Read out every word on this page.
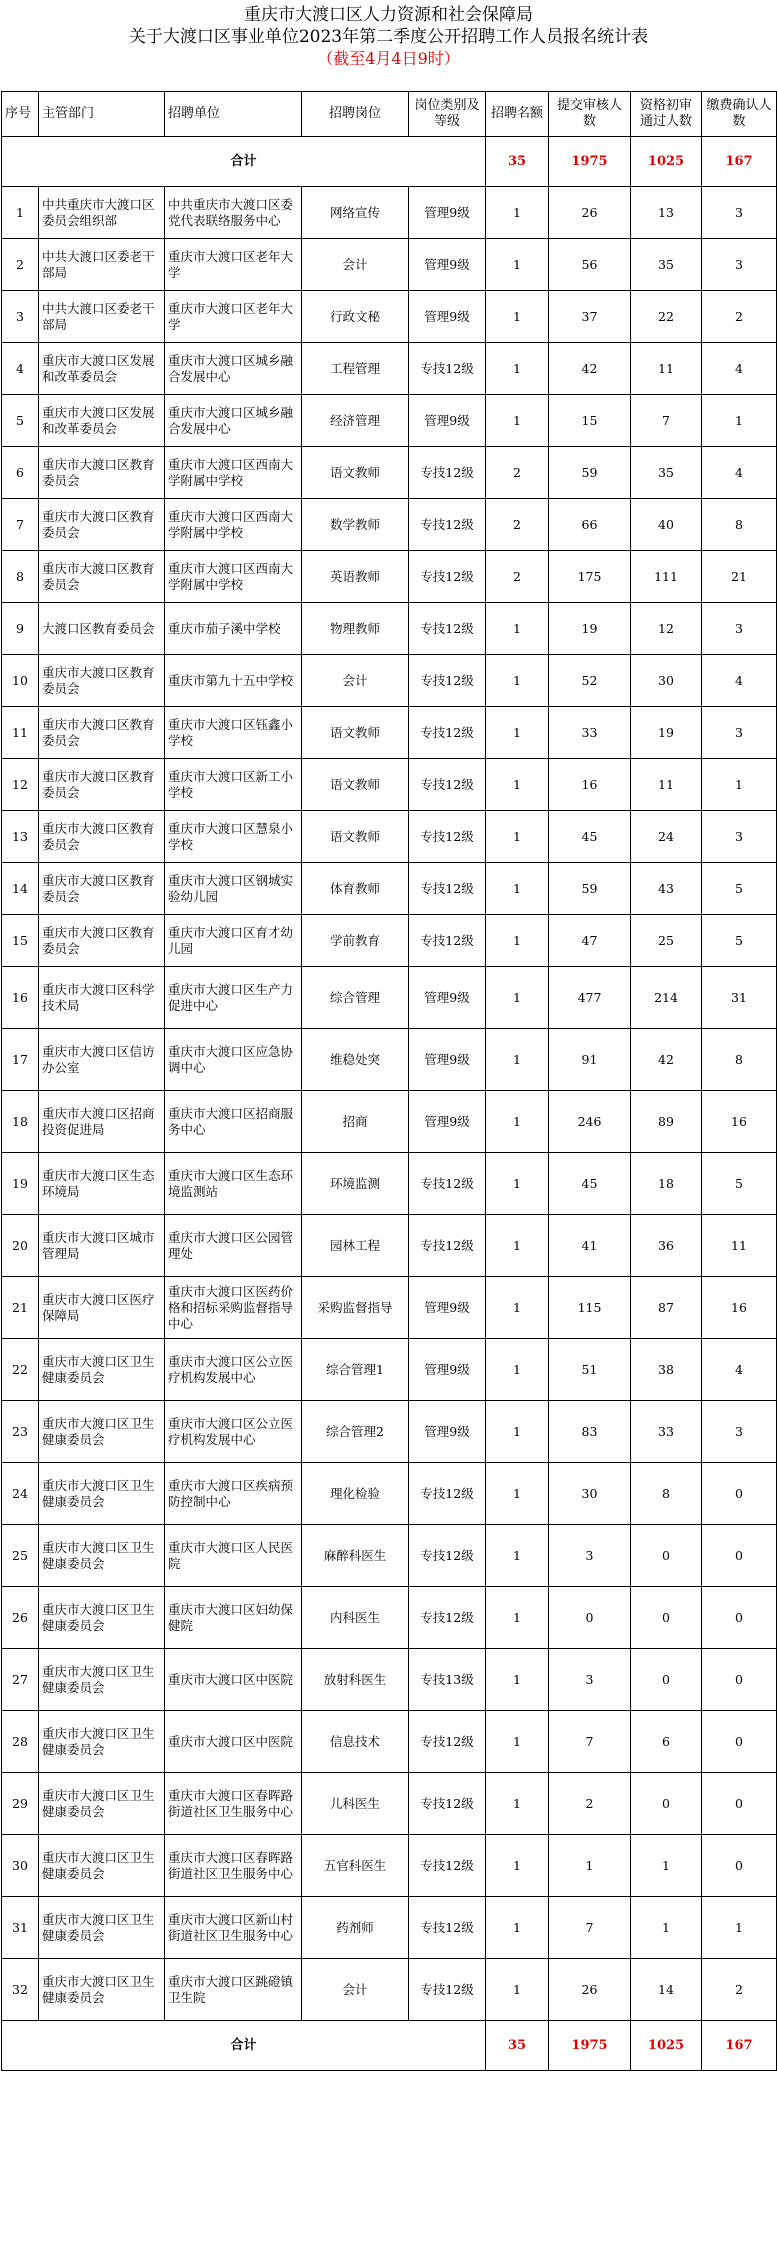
重庆市大渡口区人力资源和社会保障局
关于大渡口区事业单位2023年第二季度公开招聘工作人员报名统计表
（截至4月4日9时）
序号	主管部门	招聘单位	招聘岗位	岗位类别及等级	招聘名额	提交审核人数	资格初审通过人数	缴费确认人数
合计					35	1975	1025	167
1	中共重庆市大渡口区委员会组织部	中共重庆市大渡口区委党代表联络服务中心	网络宣传	管理9级	1	26	13	3
2	中共大渡口区委老干部局	重庆市大渡口区老年大学	会计	管理9级	1	56	35	3
3	中共大渡口区委老干部局	重庆市大渡口区老年大学	行政文秘	管理9级	1	37	22	2
4	重庆市大渡口区发展和改革委员会	重庆市大渡口区城乡融合发展中心	工程管理	专技12级	1	42	11	4
5	重庆市大渡口区发展和改革委员会	重庆市大渡口区城乡融合发展中心	经济管理	管理9级	1	15	7	1
6	重庆市大渡口区教育委员会	重庆市大渡口区西南大学附属中学校	语文教师	专技12级	2	59	35	4
7	重庆市大渡口区教育委员会	重庆市大渡口区西南大学附属中学校	数学教师	专技12级	2	66	40	8
8	重庆市大渡口区教育委员会	重庆市大渡口区西南大学附属中学校	英语教师	专技12级	2	175	111	21
9	大渡口区教育委员会	重庆市茄子溪中学校	物理教师	专技12级	1	19	12	3
10	重庆市大渡口区教育委员会	重庆市第九十五中学校	会计	专技12级	1	52	30	4
11	重庆市大渡口区教育委员会	重庆市大渡口区钰鑫小学校	语文教师	专技12级	1	33	19	3
12	重庆市大渡口区教育委员会	重庆市大渡口区新工小学校	语文教师	专技12级	1	16	11	1
13	重庆市大渡口区教育委员会	重庆市大渡口区慧泉小学校	语文教师	专技12级	1	45	24	3
14	重庆市大渡口区教育委员会	重庆市大渡口区钢城实验幼儿园	体育教师	专技12级	1	59	43	5
15	重庆市大渡口区教育委员会	重庆市大渡口区育才幼儿园	学前教育	专技12级	1	47	25	5
16	重庆市大渡口区科学技术局	重庆市大渡口区生产力促进中心	综合管理	管理9级	1	477	214	31
17	重庆市大渡口区信访办公室	重庆市大渡口区应急协调中心	维稳处突	管理9级	1	91	42	8
18	重庆市大渡口区招商投资促进局	重庆市大渡口区招商服务中心	招商	管理9级	1	246	89	16
19	重庆市大渡口区生态环境局	重庆市大渡口区生态环境监测站	环境监测	专技12级	1	45	18	5
20	重庆市大渡口区城市管理局	重庆市大渡口区公园管理处	园林工程	专技12级	1	41	36	11
21	重庆市大渡口区医疗保障局	重庆市大渡口区医药价格和招标采购监督指导中心	采购监督指导	管理9级	1	115	87	16
22	重庆市大渡口区卫生健康委员会	重庆市大渡口区公立医疗机构发展中心	综合管理1	管理9级	1	51	38	4
23	重庆市大渡口区卫生健康委员会	重庆市大渡口区公立医疗机构发展中心	综合管理2	管理9级	1	83	33	3
24	重庆市大渡口区卫生健康委员会	重庆市大渡口区疾病预防控制中心	理化检验	专技12级	1	30	8	0
25	重庆市大渡口区卫生健康委员会	重庆市大渡口区人民医院	麻醉科医生	专技12级	1	3	0	0
26	重庆市大渡口区卫生健康委员会	重庆市大渡口区妇幼保健院	内科医生	专技12级	1	0	0	0
27	重庆市大渡口区卫生健康委员会	重庆市大渡口区中医院	放射科医生	专技13级	1	3	0	0
28	重庆市大渡口区卫生健康委员会	重庆市大渡口区中医院	信息技术	专技12级	1	7	6	0
29	重庆市大渡口区卫生健康委员会	重庆市大渡口区春晖路街道社区卫生服务中心	儿科医生	专技12级	1	2	0	0
30	重庆市大渡口区卫生健康委员会	重庆市大渡口区春晖路街道社区卫生服务中心	五官科医生	专技12级	1	1	1	0
31	重庆市大渡口区卫生健康委员会	重庆市大渡口区新山村街道社区卫生服务中心	药剂师	专技12级	1	7	1	1
32	重庆市大渡口区卫生健康委员会	重庆市大渡口区跳磴镇卫生院	会计	专技12级	1	26	14	2
合计					35	1975	1025	167
